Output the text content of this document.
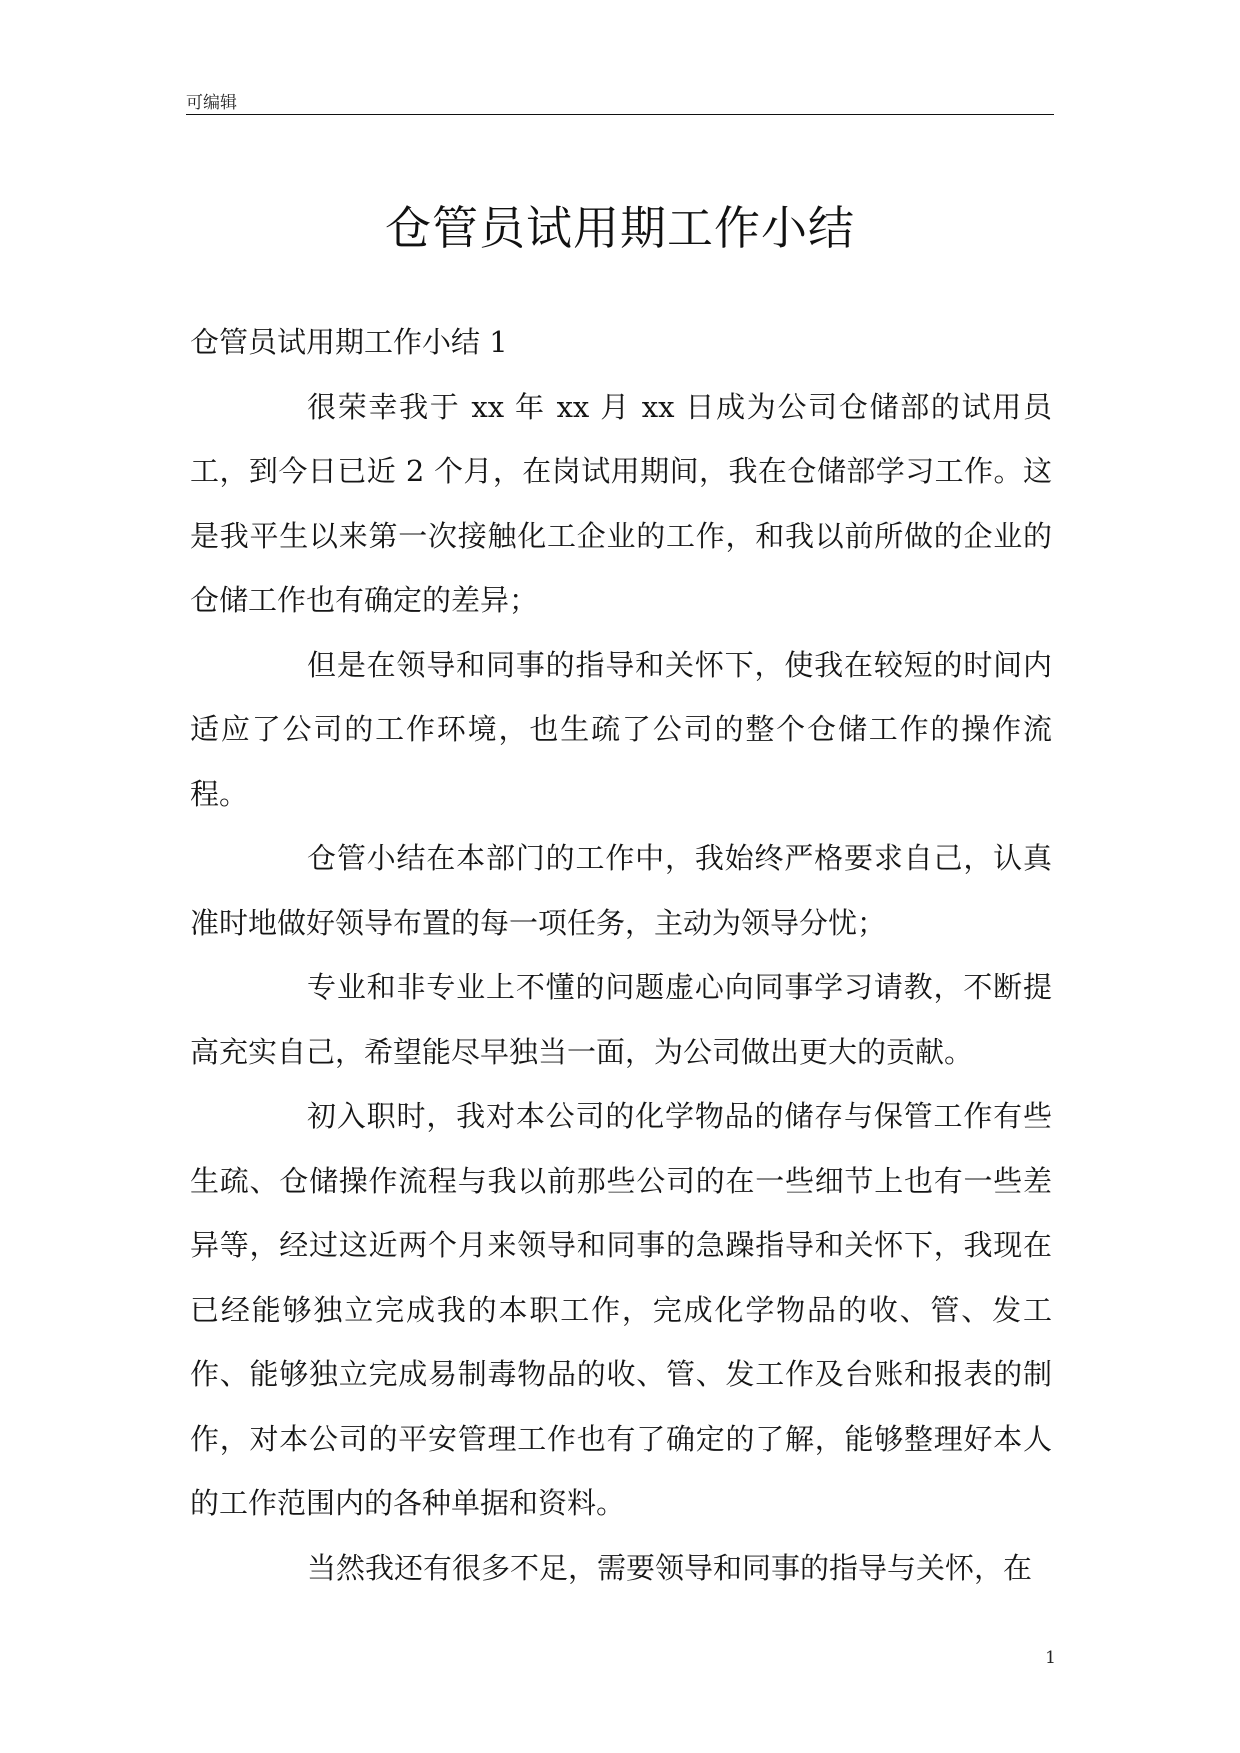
可编辑
仓管员试用期工作小结

仓管员试用期工作小结 1

很荣幸我于 xx 年 xx 月 xx 日成为公司仓储部的试用员工，到今日已近 2 个月，在岗试用期间，我在仓储部学习工作。这是我平生以来第一次接触化工企业的工作，和我以前所做的企业的仓储工作也有确定的差异；

但是在领导和同事的指导和关怀下，使我在较短的时间内适应了公司的工作环境，也生疏了公司的整个仓储工作的操作流程。

仓管小结在本部门的工作中，我始终严格要求自己，认真准时地做好领导布置的每一项任务，主动为领导分忧；

专业和非专业上不懂的问题虚心向同事学习请教，不断提高充实自己，希望能尽早独当一面，为公司做出更大的贡献。

初入职时，我对本公司的化学物品的储存与保管工作有些生疏、仓储操作流程与我以前那些公司的在一些细节上也有一些差异等，经过这近两个月来领导和同事的急躁指导和关怀下，我现在已经能够独立完成我的本职工作，完成化学物品的收、管、发工作、能够独立完成易制毒物品的收、管、发工作及台账和报表的制作，对本公司的平安管理工作也有了确定的了解，能够整理好本人的工作范围内的各种单据和资料。

当然我还有很多不足，需要领导和同事的指导与关怀，在

1
